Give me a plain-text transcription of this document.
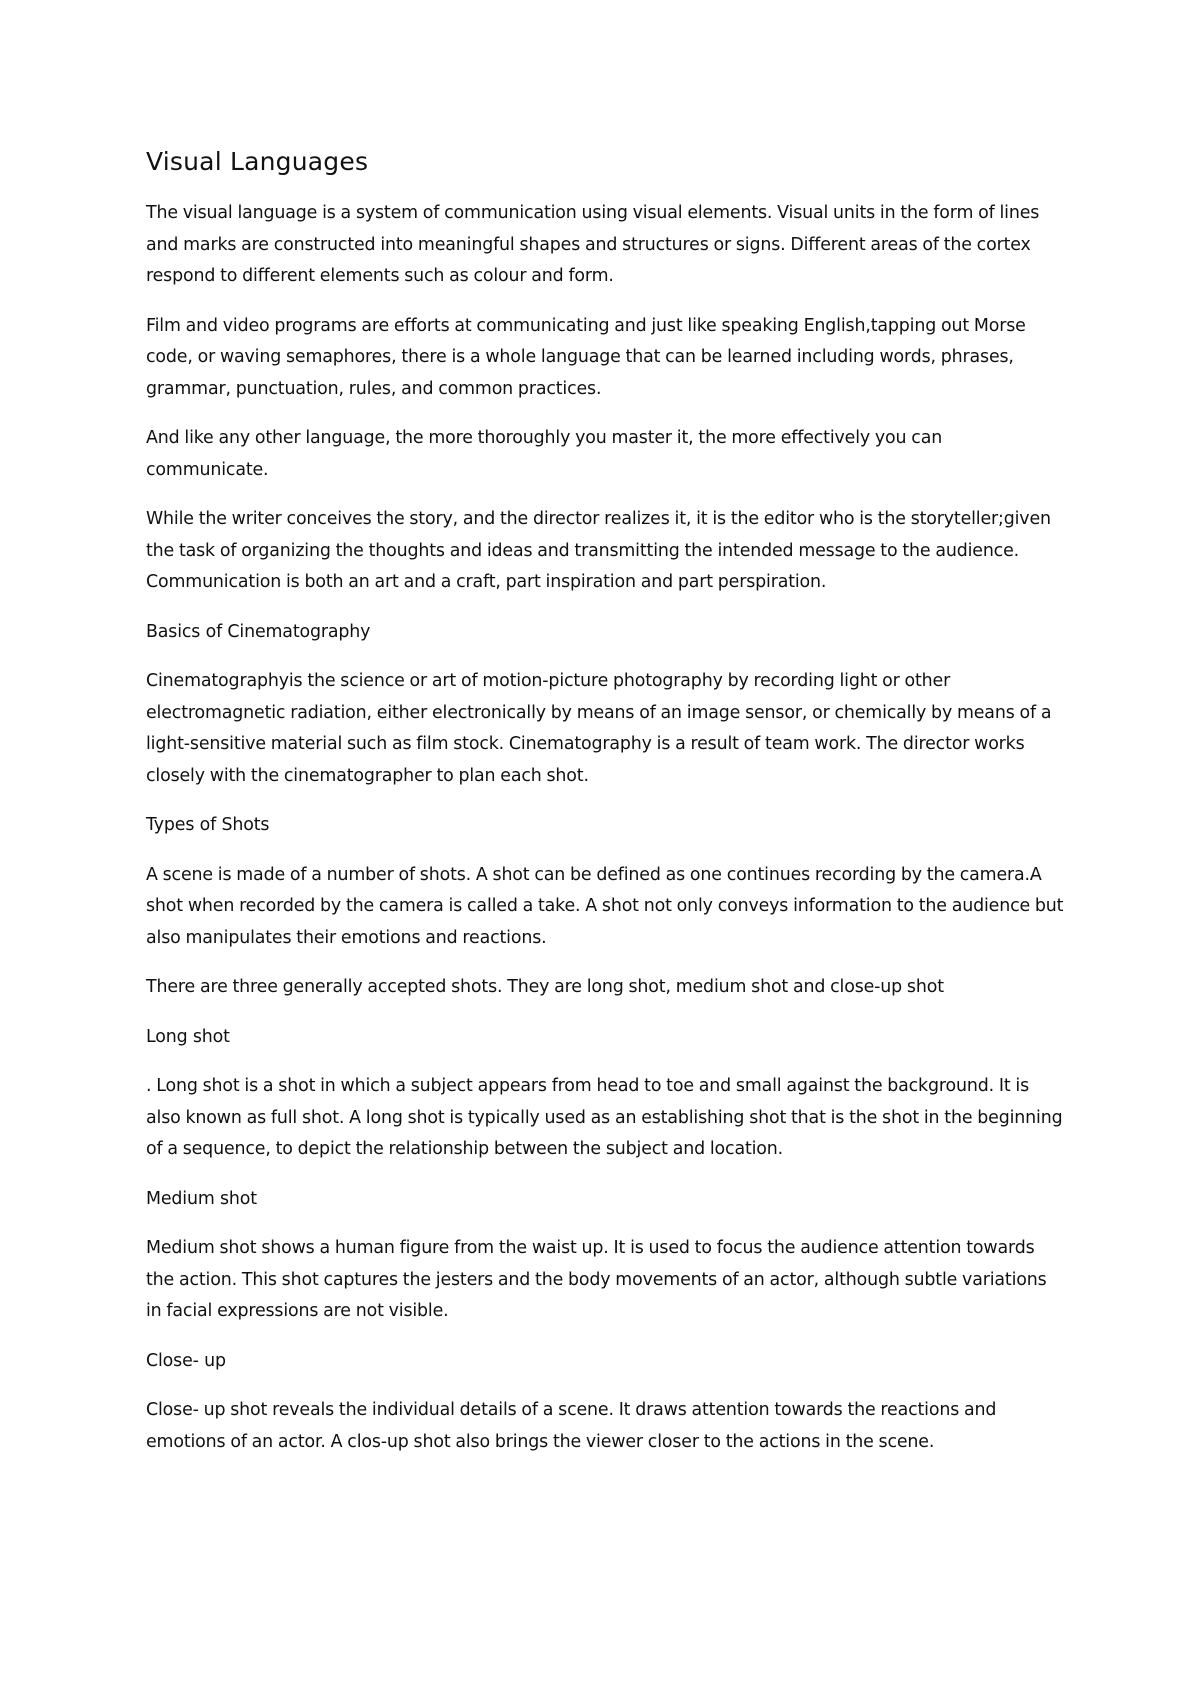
Visual Languages

The visual language is a system of communication using visual elements. Visual units in the form of lines and marks are constructed into meaningful shapes and structures or signs. Different areas of the cortex respond to different elements such as colour and form.

Film and video programs are efforts at communicating and just like speaking English,tapping out Morse code, or waving semaphores, there is a whole language that can be learned including words, phrases, grammar, punctuation, rules, and common practices.

And like any other language, the more thoroughly you master it, the more effectively you can communicate.

While the writer conceives the story, and the director realizes it, it is the editor who is the storyteller;given the task of organizing the thoughts and ideas and transmitting the intended message to the audience. Communication is both an art and a craft, part inspiration and part perspiration.

Basics of Cinematography

Cinematographyis the science or art of motion-picture photography by recording light or other electromagnetic radiation, either electronically by means of an image sensor, or chemically by means of a light-sensitive material such as film stock. Cinematography is a result of team work. The director works closely with the cinematographer to plan each shot.

Types of Shots

A scene is made of a number of shots. A shot can be defined as one continues recording by the camera.A shot when recorded by the camera is called a take. A shot not only conveys information to the audience but also manipulates their emotions and reactions.

There are three generally accepted shots. They are long shot, medium shot and close-up shot

Long shot

. Long shot is a shot in which a subject appears from head to toe and small against the background. It is also known as full shot. A long shot is typically used as an establishing shot that is the shot in the beginning of a sequence, to depict the relationship between the subject and location.

Medium shot

Medium shot shows a human figure from the waist up. It is used to focus the audience attention towards the action. This shot captures the jesters and the body movements of an actor, although subtle variations in facial expressions are not visible.

Close- up

Close- up shot reveals the individual details of a scene. It draws attention towards the reactions and emotions of an actor. A clos-up shot also brings the viewer closer to the actions in the scene.
